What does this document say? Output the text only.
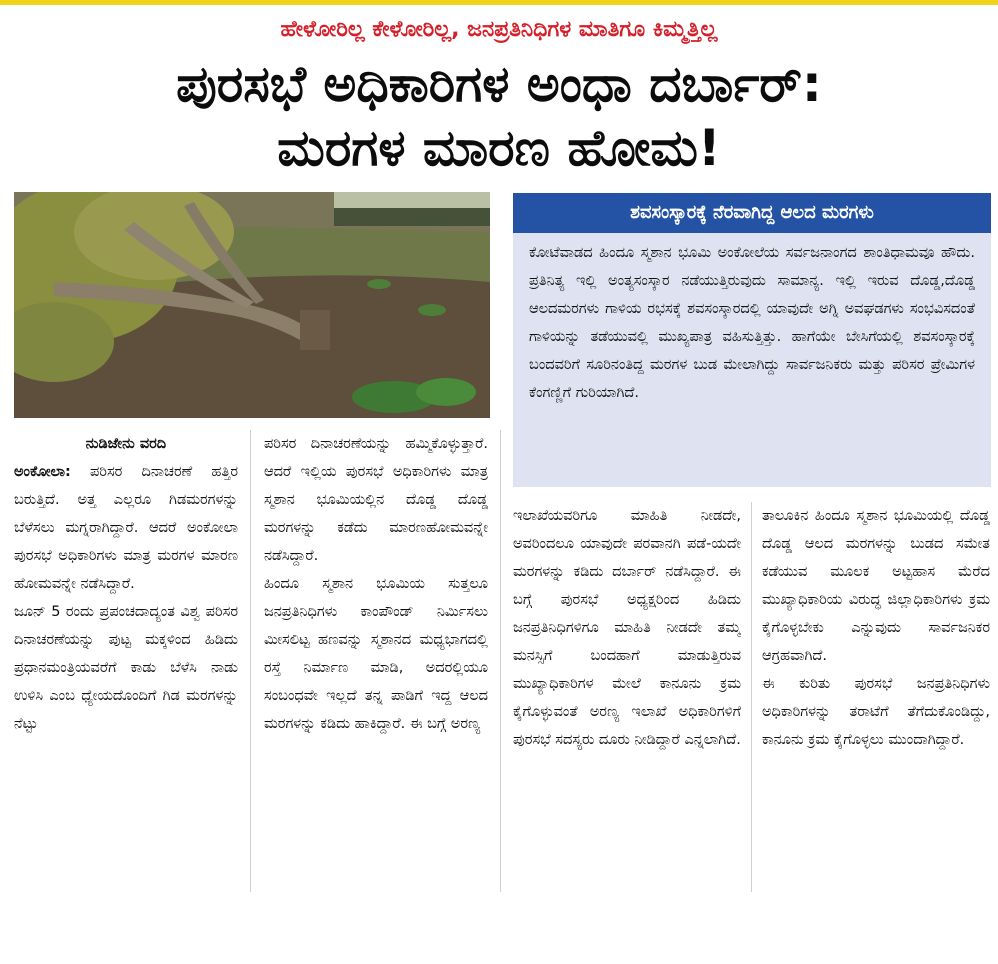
ಹೇಳೋರಿಲ್ಲ ಕೇಳೋರಿಲ್ಲ, ಜನಪ್ರತಿನಿಧಿಗಳ ಮಾತಿಗೂ ಕಿಮ್ಮತ್ತಿಲ್ಲ
ಪುರಸಭೆ ಅಧಿಕಾರಿಗಳ ಅಂಧಾ ದರ್ಬಾರ್:
ಮರಗಳ ಮಾರಣ ಹೋಮ!
ಶವಸಂಸ್ಕಾರಕ್ಕೆ ನೆರವಾಗಿದ್ದ ಆಲದ ಮರಗಳು
ಕೋಟೆವಾಡದ ಹಿಂದೂ ಸ್ಮಶಾನ ಭೂಮಿ ಅಂಕೋಲೆಯ ಸರ್ವಜನಾಂಗದ ಶಾಂತಿಧಾಮವೂ ಹೌದು. ಪ್ರತಿನಿತ್ಯ ಇಲ್ಲಿ ಅಂತ್ಯಸಂಸ್ಕಾರ ನಡೆಯುತ್ತಿರುವುದು ಸಾಮಾನ್ಯ. ಇಲ್ಲಿ ಇರುವ ದೊಡ್ಡ,ದೊಡ್ಡ ಆಲದಮರಗಳು ಗಾಳಿಯ ರಭಸಕ್ಕೆ ಶವಸಂಸ್ಕಾರದಲ್ಲಿ ಯಾವುದೇ ಅಗ್ನಿ ಅವಘಡಗಳು ಸಂಭವಿಸದಂತೆ ಗಾಳಿಯನ್ನು ತಡೆಯುವಲ್ಲಿ ಮುಖ್ಯಪಾತ್ರ ವಹಿಸುತ್ತಿತ್ತು. ಹಾಗೆಯೇ ಬೇಸಿಗೆಯಲ್ಲಿ ಶವಸಂಸ್ಕಾರಕ್ಕೆ ಬಂದವರಿಗೆ ಸೂರಿನಂತಿದ್ದ ಮರಗಳ ಬುಡ ಮೇಲಾಗಿದ್ದು ಸಾರ್ವಜನಿಕರು ಮತ್ತು ಪರಿಸರ ಪ್ರೇಮಿಗಳ ಕೆಂಗಣ್ಣಿಗೆ ಗುರಿಯಾಗಿದೆ.

ನುಡಿಜೇನು ವರದಿ

ಅಂಕೋಲಾ: ಪರಿಸರ ದಿನಾಚರಣೆ ಹತ್ತಿರ ಬರುತ್ತಿದೆ. ಅತ್ತ ಎಲ್ಲರೂ ಗಿಡಮರಗಳನ್ನು ಬೆಳೆಸಲು ಮಗ್ನರಾಗಿದ್ದಾರೆ. ಆದರೆ ಅಂಕೋಲಾ ಪುರಸಭೆ ಅಧಿಕಾರಿಗಳು ಮಾತ್ರ ಮರಗಳ ಮಾರಣ ಹೋಮವನ್ನೇ ನಡೆಸಿದ್ದಾರೆ.

ಜೂನ್ 5 ರಂದು ಪ್ರಪಂಚದಾದ್ಯಂತ ವಿಶ್ವ ಪರಿಸರ ದಿನಾಚರಣೆಯನ್ನು ಪುಟ್ಟ ಮಕ್ಕಳಿಂದ ಹಿಡಿದು ಪ್ರಧಾನಮಂತ್ರಿಯವರೆಗೆ ಕಾಡು ಬೆಳೆಸಿ ನಾಡು ಉಳಿಸಿ ಎಂಬ ಧ್ಯೇಯದೊಂದಿಗೆ ಗಿಡ ಮರಗಳನ್ನು ನೆಟ್ಟು

ಪರಿಸರ ದಿನಾಚರಣೆಯನ್ನು ಹಮ್ಮಿಕೊಳ್ಳುತ್ತಾರೆ. ಆದರೆ ಇಲ್ಲಿಯ ಪುರಸಭೆ ಅಧಿಕಾರಿಗಳು ಮಾತ್ರ ಸ್ಮಶಾನ ಭೂಮಿಯಲ್ಲಿನ ದೊಡ್ಡ ದೊಡ್ಡ ಮರಗಳನ್ನು ಕಡೆದು ಮಾರಣಹೋಮವನ್ನೇ ನಡೆಸಿದ್ದಾರೆ.

ಹಿಂದೂ ಸ್ಮಶಾನ ಭೂಮಿಯ ಸುತ್ತಲೂ ಜನಪ್ರತಿನಿಧಿಗಳು ಕಾಂಪೌಂಡ್ ನಿರ್ಮಿಸಲು ಮೀಸಲಿಟ್ಟ ಹಣವನ್ನು ಸ್ಮಶಾನದ ಮಧ್ಯಭಾಗದಲ್ಲಿ ರಸ್ತೆ ನಿರ್ಮಾಣ ಮಾಡಿ, ಅದರಲ್ಲಿಯೂ ಸಂಬಂಧವೇ ಇಲ್ಲದೆ ತನ್ನ ಪಾಡಿಗೆ ಇದ್ದ ಆಲದ ಮರಗಳನ್ನು ಕಡಿದು ಹಾಕಿದ್ದಾರೆ. ಈ ಬಗ್ಗೆ ಅರಣ್ಯ

ಇಲಾಖೆಯವರಿಗೂ ಮಾಹಿತಿ ನೀಡದೇ, ಅವರಿಂದಲೂ ಯಾವುದೇ ಪರವಾನಗಿ ಪಡೆ-ಯದೇ ಮರಗಳನ್ನು ಕಡಿದು ದರ್ಬಾರ್ ನಡೆಸಿದ್ದಾರೆ. ಈ ಬಗ್ಗೆ ಪುರಸಭೆ ಅಧ್ಯಕ್ಷರಿಂದ ಹಿಡಿದು ಜನಪ್ರತಿನಿಧಿಗಳಿಗೂ ಮಾಹಿತಿ ನೀಡದೇ ತಮ್ಮ ಮನಸ್ಸಿಗೆ ಬಂದಹಾಗೆ ಮಾಡುತ್ತಿರುವ ಮುಖ್ಯಾಧಿಕಾರಿಗಳ ಮೇಲೆ ಕಾನೂನು ಕ್ರಮ ಕೈಗೊಳ್ಳುವಂತೆ ಅರಣ್ಯ ಇಲಾಖೆ ಅಧಿಕಾರಿಗಳಿಗೆ ಪುರಸಭೆ ಸದಸ್ಯರು ದೂರು ನೀಡಿದ್ದಾರೆ ಎನ್ನಲಾಗಿದೆ.

ತಾಲೂಕಿನ ಹಿಂದೂ ಸ್ಮಶಾನ ಭೂಮಿಯಲ್ಲಿ ದೊಡ್ಡ ದೊಡ್ಡ ಆಲದ ಮರಗಳನ್ನು ಬುಡದ ಸಮೇತ ಕಡೆಯುವ ಮೂಲಕ ಅಟ್ಟಹಾಸ ಮೆರೆದ ಮುಖ್ಯಾಧಿಕಾರಿಯ ವಿರುದ್ಧ ಜಿಲ್ಲಾಧಿಕಾರಿಗಳು ಕ್ರಮ ಕೈಗೊಳ್ಳಬೇಕು ಎನ್ನುವುದು ಸಾರ್ವಜನಿಕರ ಆಗ್ರಹವಾಗಿದೆ.

ಈ ಕುರಿತು ಪುರಸಭೆ ಜನಪ್ರತಿನಿಧಿಗಳು ಅಧಿಕಾರಿಗಳನ್ನು ತರಾಟೆಗೆ ತೆಗೆದುಕೊಂಡಿದ್ದು, ಕಾನೂನು ಕ್ರಮ ಕೈಗೊಳ್ಳಲು ಮುಂದಾಗಿದ್ದಾರೆ.
